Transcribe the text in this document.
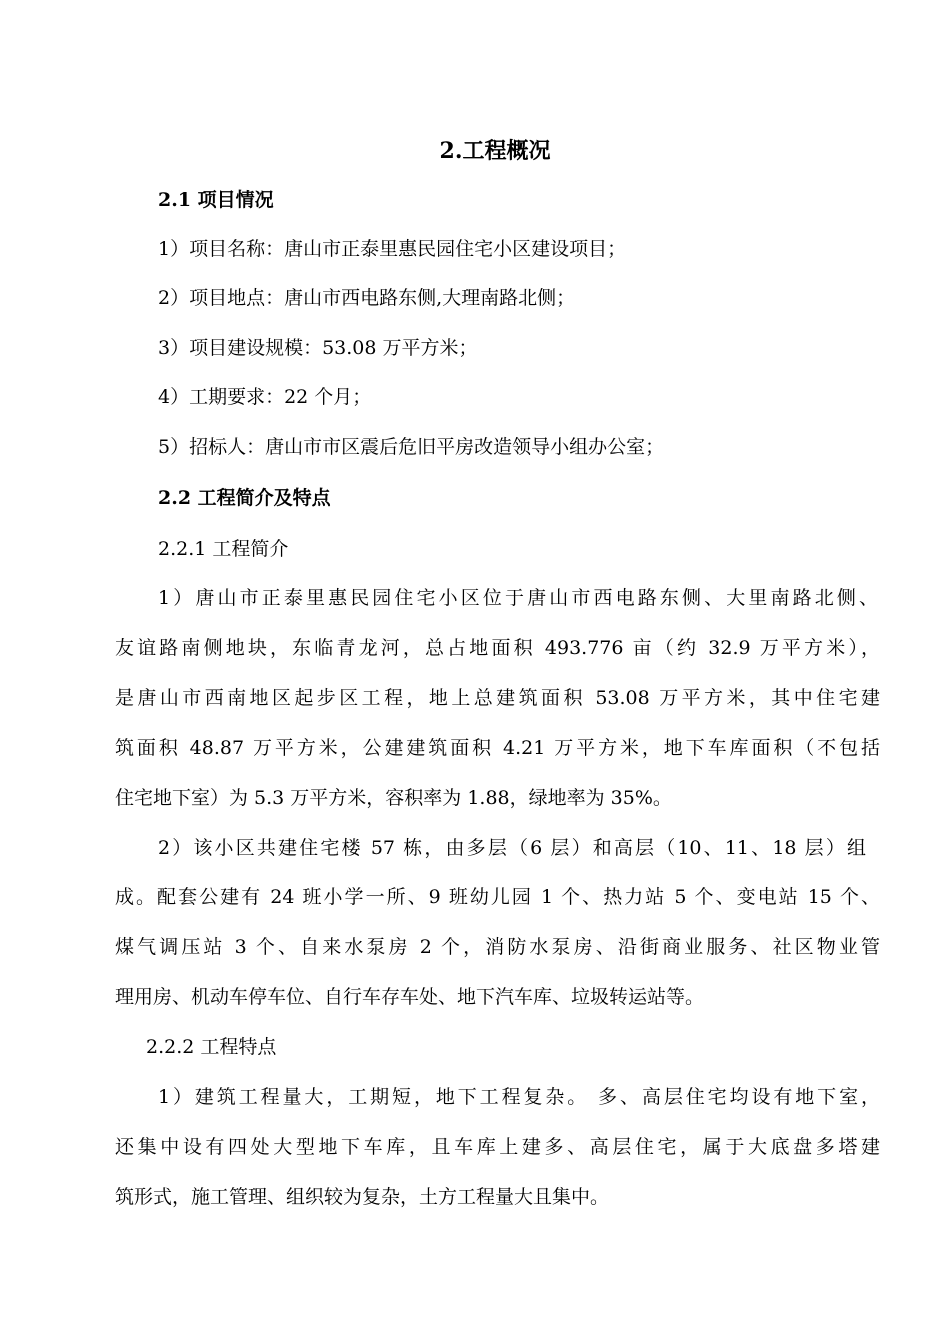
2.工程概况
2.1 项目情况
1）项目名称：唐山市正泰里惠民园住宅小区建设项目；
2）项目地点：唐山市西电路东侧,大理南路北侧；
3）项目建设规模：53.08 万平方米；
4）工期要求：22 个月；
5）招标人：唐山市市区震后危旧平房改造领导小组办公室；
2.2 工程简介及特点
2.2.1 工程简介
1）唐山市正泰里惠民园住宅小区位于唐山市西电路东侧、大里南路北侧、
友谊路南侧地块，东临青龙河，总占地面积 493.776 亩（约 32.9 万平方米），
是唐山市西南地区起步区工程，地上总建筑面积 53.08 万平方米，其中住宅建
筑面积 48.87 万平方米，公建建筑面积 4.21 万平方米，地下车库面积（不包括
住宅地下室）为 5.3 万平方米，容积率为 1.88，绿地率为 35%。
2）该小区共建住宅楼 57 栋，由多层（6 层）和高层（10、11、18 层）组
成。配套公建有 24 班小学一所、9 班幼儿园 1 个、热力站 5 个、变电站 15 个、
煤气调压站 3 个、自来水泵房 2 个，消防水泵房、沿街商业服务、社区物业管
理用房、机动车停车位、自行车存车处、地下汽车库、垃圾转运站等。
2.2.2 工程特点
1）建筑工程量大，工期短，地下工程复杂。 多、高层住宅均设有地下室，
还集中设有四处大型地下车库，且车库上建多、高层住宅，属于大底盘多塔建
筑形式，施工管理、组织较为复杂，土方工程量大且集中。
